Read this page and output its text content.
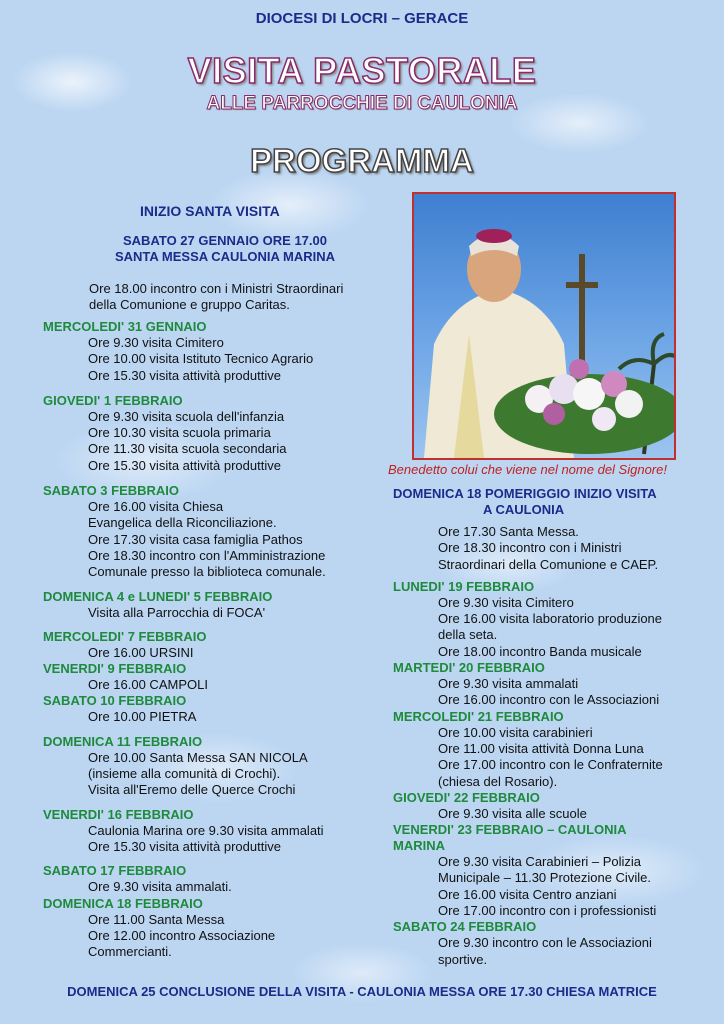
DIOCESI DI LOCRI – GERACE
VISITA PASTORALE
ALLE PARROCCHIE DI CAULONIA
PROGRAMMA
INIZIO SANTA VISITA
SABATO 27 GENNAIO ORE 17.00
SANTA MESSA CAULONIA MARINA
Ore 18.00 incontro con i Ministri Straordinari
della Comunione e gruppo Caritas.
Benedetto colui che viene nel nome del Signore!
MERCOLEDI' 31 GENNAIO
Ore 9.30 visita Cimitero
Ore 10.00 visita Istituto Tecnico Agrario
Ore 15.30 visita attività produttive
GIOVEDI' 1 FEBBRAIO
Ore 9.30 visita scuola dell'infanzia
Ore 10.30 visita scuola primaria
Ore 11.30 visita scuola secondaria
Ore 15.30 visita attività produttive
SABATO 3 FEBBRAIO
Ore 16.00 visita Chiesa
Evangelica della Riconciliazione.
Ore 17.30 visita casa famiglia Pathos
Ore 18.30 incontro con l'Amministrazione
Comunale presso la biblioteca comunale.
DOMENICA 4 e LUNEDI' 5 FEBBRAIO
Visita alla Parrocchia di FOCA'
MERCOLEDI' 7 FEBBRAIO
Ore 16.00 URSINI
VENERDI' 9 FEBBRAIO
Ore 16.00 CAMPOLI
SABATO 10 FEBBRAIO
Ore 10.00 PIETRA
DOMENICA 11 FEBBRAIO
Ore 10.00 Santa Messa SAN NICOLA
(insieme alla comunità di Crochi).
Visita all'Eremo delle Querce Crochi
VENERDI' 16 FEBBRAIO
Caulonia Marina ore 9.30 visita ammalati
Ore 15.30 visita attività produttive
SABATO 17 FEBBRAIO
Ore 9.30 visita ammalati.
DOMENICA 18 FEBBRAIO
Ore 11.00 Santa Messa
Ore 12.00 incontro Associazione
Commercianti.
DOMENICA 18 POMERIGGIO INIZIO VISITA
A CAULONIA
Ore 17.30 Santa Messa.
Ore 18.30 incontro con i Ministri
Straordinari della Comunione e CAEP.
LUNEDI' 19 FEBBRAIO
Ore 9.30 visita Cimitero
Ore 16.00 visita laboratorio produzione
della seta.
Ore 18.00 incontro Banda musicale
MARTEDI' 20 FEBBRAIO
Ore 9.30 visita ammalati
Ore 16.00 incontro con le Associazioni
MERCOLEDI' 21 FEBBRAIO
Ore 10.00 visita carabinieri
Ore 11.00 visita attività Donna Luna
Ore 17.00 incontro con le Confraternite
(chiesa del Rosario).
GIOVEDI' 22 FEBBRAIO
Ore 9.30 visita alle scuole
VENERDI' 23 FEBBRAIO – CAULONIA
MARINA
Ore 9.30 visita Carabinieri – Polizia
Municipale – 11.30 Protezione Civile.
Ore 16.00 visita Centro anziani
Ore 17.00 incontro con i professionisti
SABATO 24 FEBBRAIO
Ore 9.30 incontro con le Associazioni
sportive.
DOMENICA 25 CONCLUSIONE DELLA VISITA - CAULONIA MESSA ORE 17.30 CHIESA MATRICE
